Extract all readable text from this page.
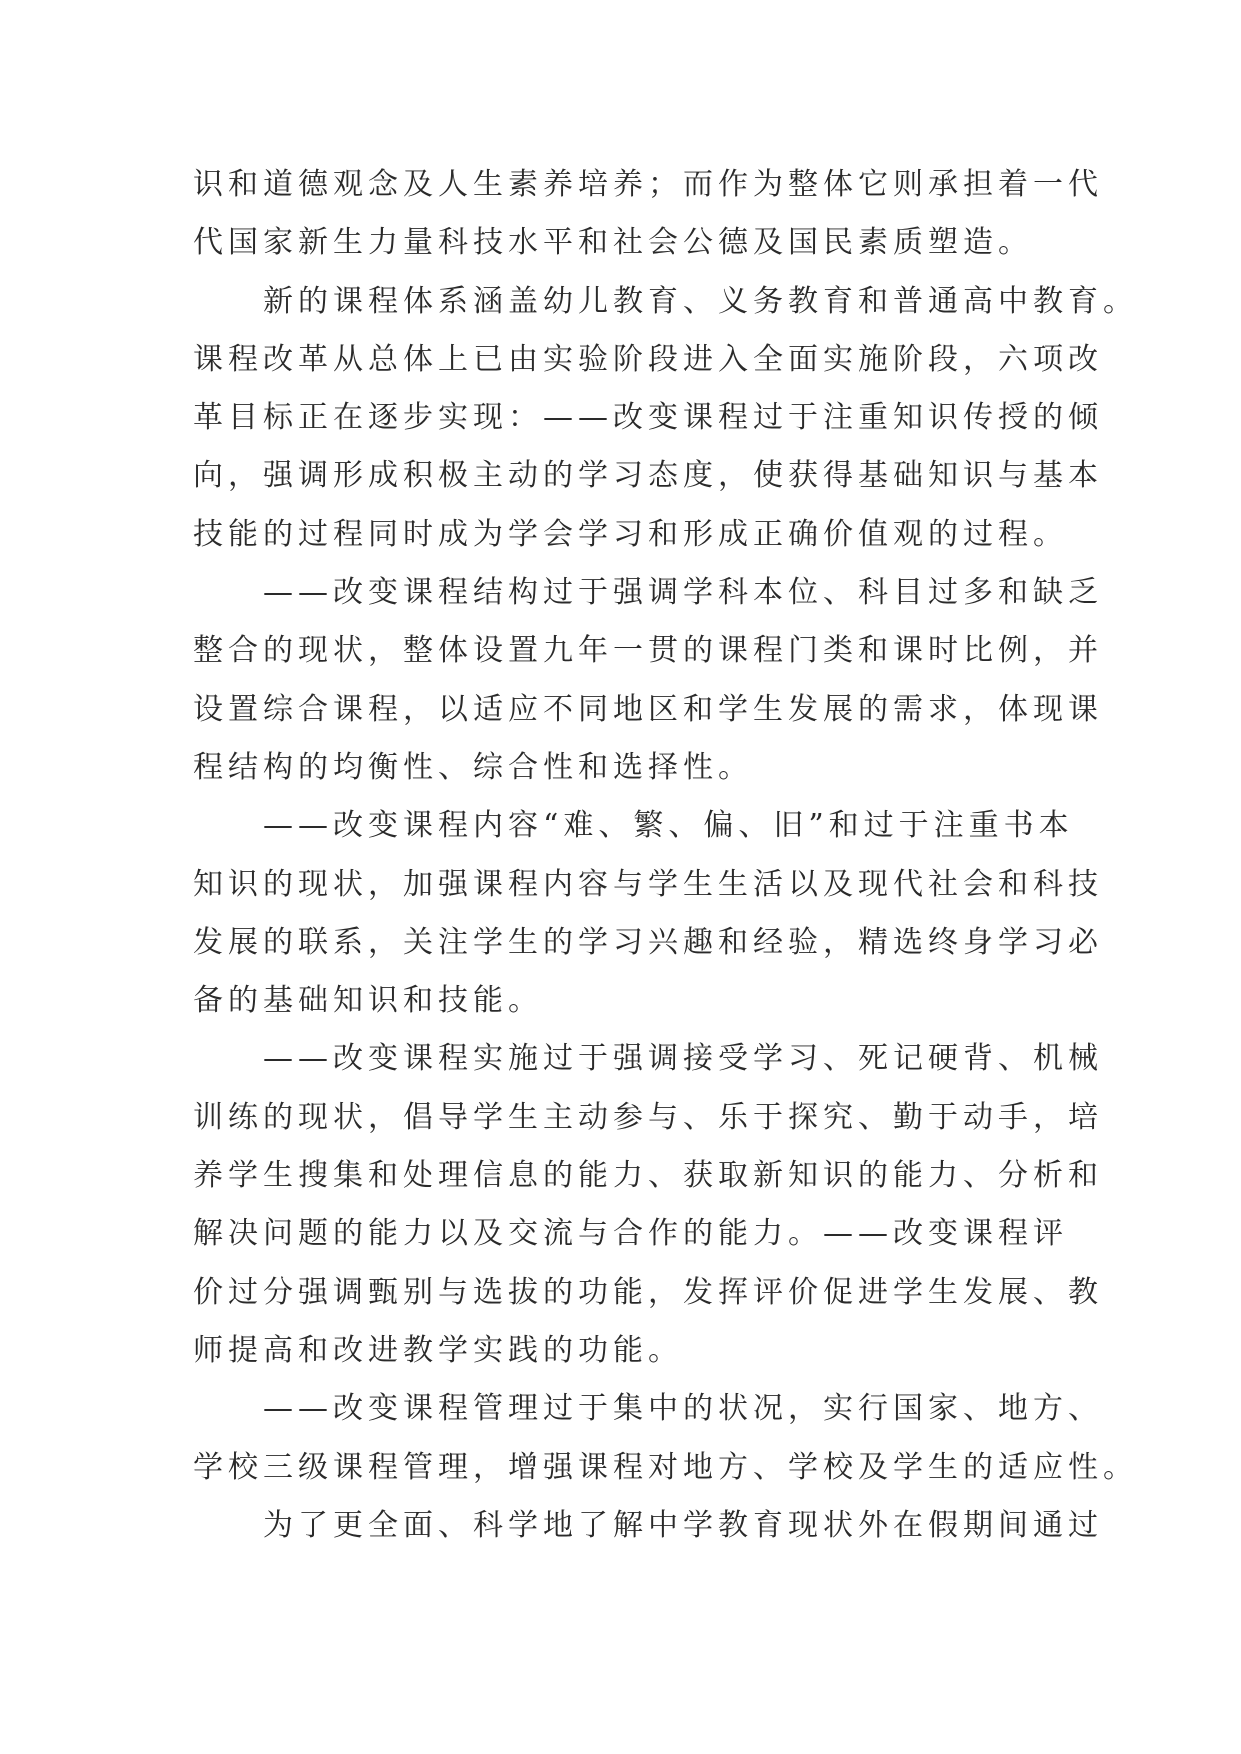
识和道德观念及人生素养培养；而作为整体它则承担着一代
代国家新生力量科技水平和社会公德及国民素质塑造。
新的课程体系涵盖幼儿教育、义务教育和普通高中教育。
课程改革从总体上已由实验阶段进入全面实施阶段，六项改
革目标正在逐步实现：——改变课程过于注重知识传授的倾
向，强调形成积极主动的学习态度，使获得基础知识与基本
技能的过程同时成为学会学习和形成正确价值观的过程。
——改变课程结构过于强调学科本位、科目过多和缺乏
整合的现状，整体设置九年一贯的课程门类和课时比例，并
设置综合课程，以适应不同地区和学生发展的需求，体现课
程结构的均衡性、综合性和选择性。
——改变课程内容“难、繁、偏、旧”和过于注重书本
知识的现状，加强课程内容与学生生活以及现代社会和科技
发展的联系，关注学生的学习兴趣和经验，精选终身学习必
备的基础知识和技能。
——改变课程实施过于强调接受学习、死记硬背、机械
训练的现状，倡导学生主动参与、乐于探究、勤于动手，培
养学生搜集和处理信息的能力、获取新知识的能力、分析和
解决问题的能力以及交流与合作的能力。——改变课程评
价过分强调甄别与选拔的功能，发挥评价促进学生发展、教
师提高和改进教学实践的功能。
——改变课程管理过于集中的状况，实行国家、地方、
学校三级课程管理，增强课程对地方、学校及学生的适应性。
为了更全面、科学地了解中学教育现状外在假期间通过
